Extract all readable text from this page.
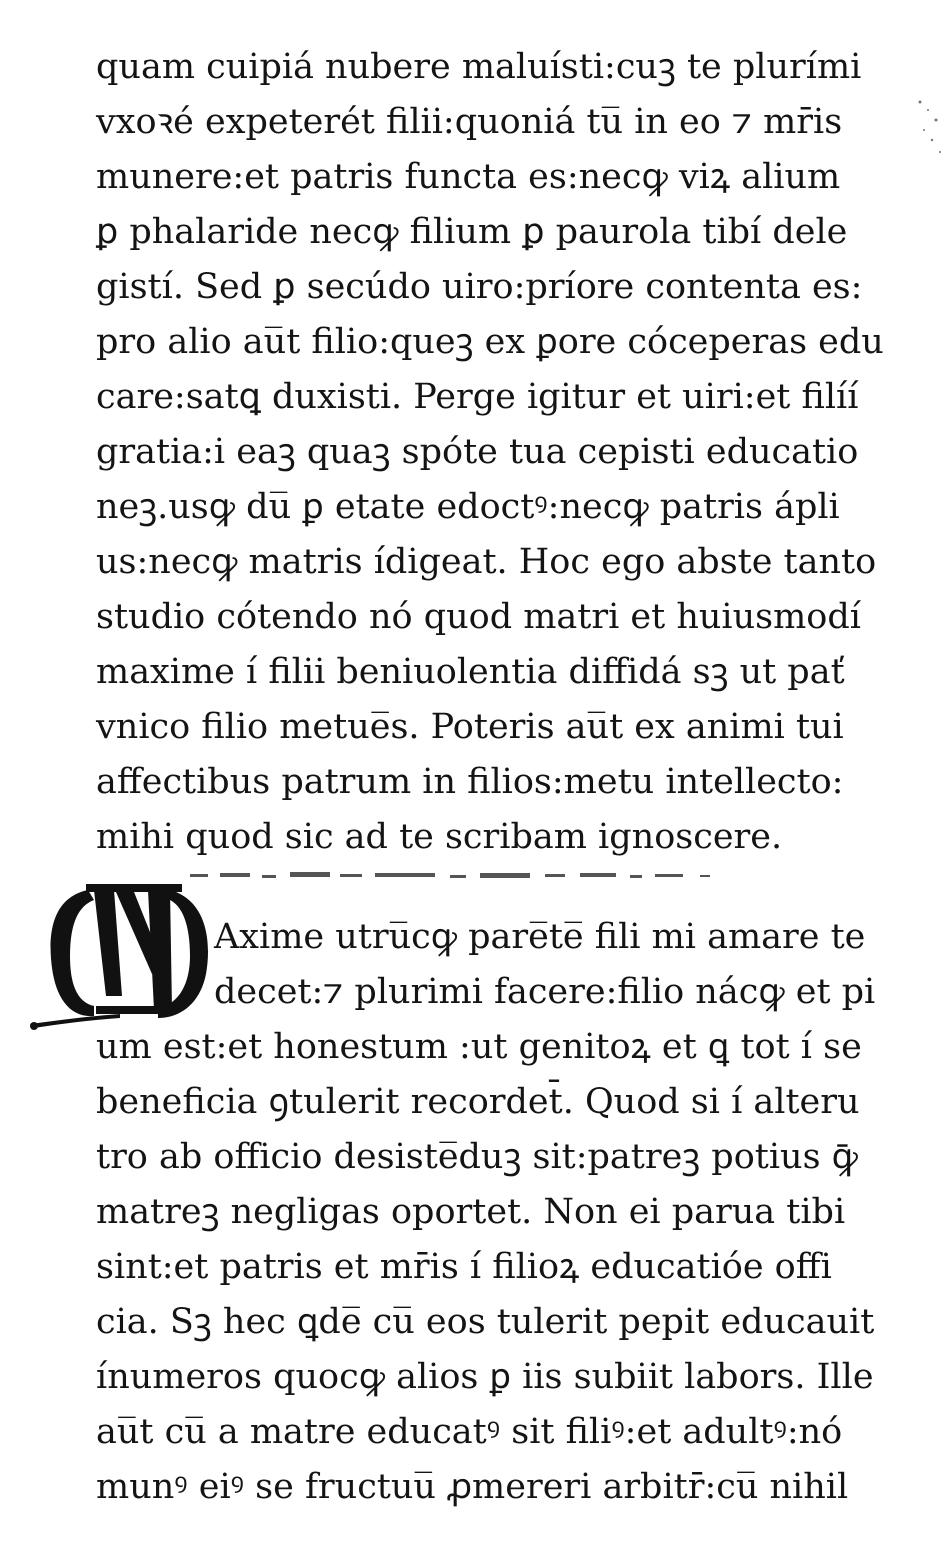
quam cuipiá nubere maluísti:cuꝫ te plurími
vxoꝛé expeterét filii:quoniá tu̅ in eo ⁊ mr̄is
munere:et patris functa es:necꝙ viꝝ alium
ꝑ phalaride necꝙ filium ꝑ paurola tibí dele
gistí. Sed ꝑ secúdo uiro:príore contenta es:
pro alio au̅t filio:queꝫ ex ꝑore cóceperas edu
care:satꝗ duxisti. Perge igitur et uiri:et filíí
gratia:i eaꝫ quaꝫ spóte tua cepisti educatio
neꝫ.usꝙ du̅ ꝑ etate edoctꝰ:necꝙ patris ápli
us:necꝙ matris ídigeat. Hoc ego abste tanto
studio cótendo nó quod matri et huiusmodí
maxime í filii beniuolentia diffidá sꝫ ut pať
vnico filio metue̅s. Poteris au̅t ex animi tui
affectibus patrum in filios:metu intellecto:
mihi quod sic ad te scribam ignoscere.
Axime utru̅cꝙ pare̅te̅ fili mi amare te
decet:⁊ plurimi facere:filio nácꝙ et pi
um est:et honestum :ut genitoꝝ et ꝗ tot í se
beneficia ꝯtulerit recordet̄. Quod si í alteru
tro ab officio desiste̅duꝫ sit:patreꝫ potius ꝙ̄
matreꝫ negligas oportet. Non ei parua tibi
sint:et patris et mr̄is í filioꝝ educatióe offi
cia. Sꝫ hec ꝗde̅ cu̅ eos tulerit pepit educauit
ínumeros quocꝙ alios ꝑ iis subiit labors. Ille
au̅t cu̅ a matre educatꝰ sit filiꝰ:et adultꝰ:nó
munꝰ eiꝰ se fructuu̅ ꝓmereri arbitr̄:cu̅ nihil
